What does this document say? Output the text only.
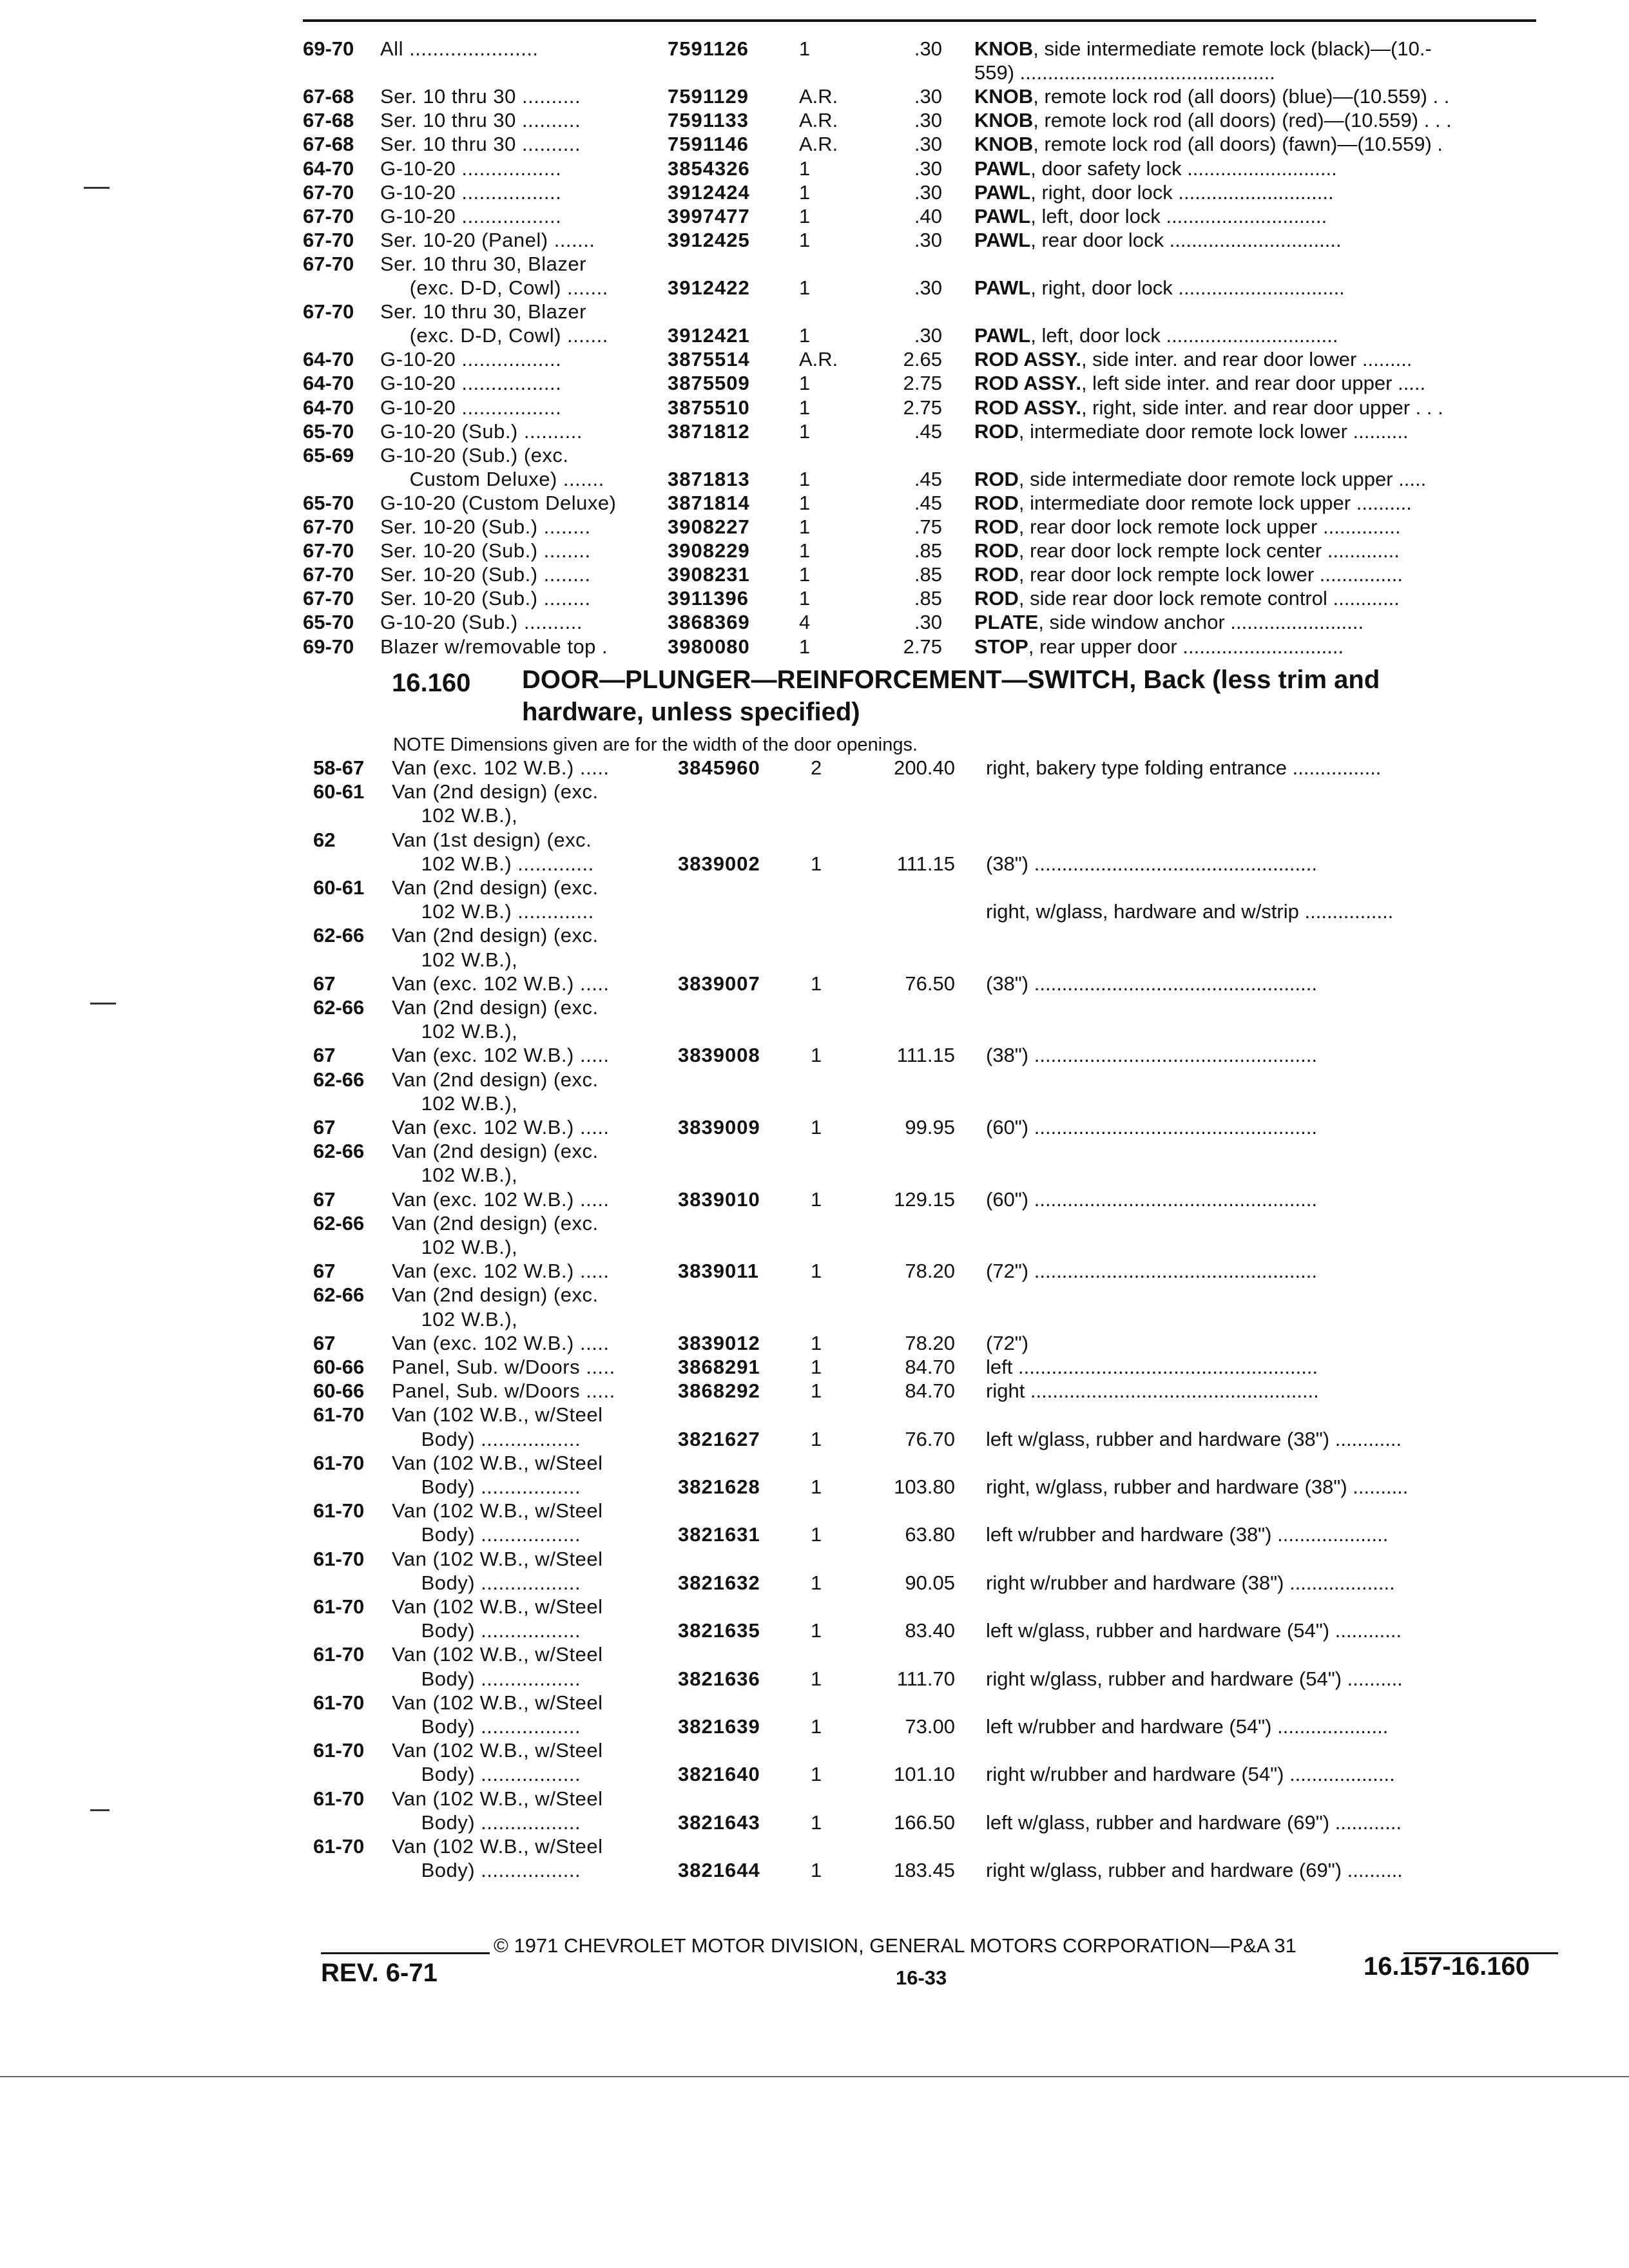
69-70 All ......................	7591126	1	.30 KNOB, side intermediate remote lock (black)—(10.-
559) ..............................................
67-68 Ser. 10 thru 30 ..........	7591129	A.R.	.30 KNOB, remote lock rod (all doors) (blue)—(10.559) . .
67-68 Ser. 10 thru 30 ..........	7591133	A.R.	.30 KNOB, remote lock rod (all doors) (red)—(10.559) . . .
67-68 Ser. 10 thru 30 ..........	7591146	A.R.	.30 KNOB, remote lock rod (all doors) (fawn)—(10.559) .
64-70 G-10-20 .................	3854326 1	.30 PAWL, door safety lock ...........................
67-70 G-10-20 .................	3912424 1	.30 PAWL, right, door lock ............................
67-70 G-10-20 .................	3997477 1	.40 PAWL, left, door lock .............................
67-70 Ser. 10-20 (Panel) .......	3912425 1	.30 PAWL, rear door lock ...............................
67-70 Ser. 10 thru 30, Blazer
(exc. D-D, Cowl) .......	3912422 1	.30 PAWL, right, door lock ..............................
67-70 Ser. 10 thru 30, Blazer
(exc. D-D, Cowl) .......	3912421 1	.30 PAWL, left, door lock ...............................
64-70 G-10-20 .................	3875514 A.R.	2.65 ROD ASSY., side inter. and rear door lower .........
64-70 G-10-20 .................	3875509 1	2.75 ROD ASSY., left side inter. and rear door upper .....
64-70 G-10-20 .................	3875510 1	2.75 ROD ASSY., right, side inter. and rear door upper . . .
65-70 G-10-20 (Sub.) ..........	3871812 1	.45 ROD, intermediate door remote lock lower ..........
65-69 G-10-20 (Sub.) (exc.
Custom Deluxe) .......	3871813 1	.45 ROD, side intermediate door remote lock upper .....
65-70 G-10-20 (Custom Deluxe)	3871814 1	.45 ROD, intermediate door remote lock upper ..........
67-70 Ser. 10-20 (Sub.) ........	3908227 1	.75 ROD, rear door lock remote lock upper ..............
67-70 Ser. 10-20 (Sub.) ........	3908229 1	.85 ROD, rear door lock rempte lock center .............
67-70 Ser. 10-20 (Sub.) ........	3908231 1	.85 ROD, rear door lock rempte lock lower ...............
67-70 Ser. 10-20 (Sub.) ........	3911396	1	.85 ROD, side rear door lock remote control ............
65-70 G-10-20 (Sub.) ..........	3868369 4	.30 PLATE, side window anchor ........................
69-70 Blazer w/removable top .	3980080 1	2.75 STOP, rear upper door .............................
16.160 DOOR—PLUNGER—REINFORCEMENT—SWITCH, Back (less trim and
hardware, unless specified)
NOTE Dimensions given are for the width of the door openings.
58-67 Van (exc. 102 W.B.) .....	3845960	2	200.40 right, bakery type folding entrance ................
60-61 Van (2nd design) (exc.
102 W.B.),
62	Van (1st design) (exc.
102 W.B.) .............	3839002	1	111.15 (38") ...................................................
60-61 Van (2nd design) (exc.
102 W.B.) .............	right, w/glass, hardware and w/strip ................
62-66 Van (2nd design) (exc.
102 W.B.),
67	Van (exc. 102 W.B.) .....	3839007	1	76.50 (38") ...................................................
62-66 Van (2nd design) (exc.
102 W.B.),
67	Van (exc. 102 W.B.) .....	3839008	1	111.15 (38") ...................................................
62-66 Van (2nd design) (exc.
102 W.B.),
67	Van (exc. 102 W.B.) .....	3839009	1	99.95 (60") ...................................................
62-66 Van (2nd design) (exc.
102 W.B.),
67	Van (exc. 102 W.B.) .....	3839010	1	129.15 (60") ...................................................
62-66 Van (2nd design) (exc.
102 W.B.),
67	Van (exc. 102 W.B.) .....	3839011	1	78.20 (72") ...................................................
62-66 Van (2nd design) (exc.
102 W.B.),
67	Van (exc. 102 W.B.) .....	3839012	1	78.20 (72")
60-66 Panel, Sub. w/Doors .....	3868291	1	84.70 left ......................................................
60-66 Panel, Sub. w/Doors .....	3868292	1	84.70 right ....................................................
61-70 Van (102 W.B., w/Steel
Body) .................	3821627	1	76.70 left w/glass, rubber and hardware (38") ............
61-70 Van (102 W.B., w/Steel
Body) .................	3821628	1	103.80 right, w/glass, rubber and hardware (38") ..........
61-70 Van (102 W.B., w/Steel
Body) .................	3821631	1	63.80 left w/rubber and hardware (38") ....................
61-70 Van (102 W.B., w/Steel
Body) .................	3821632	1	90.05 right w/rubber and hardware (38") ...................
61-70 Van (102 W.B., w/Steel
Body) .................	3821635	1	83.40 left w/glass, rubber and hardware (54") ............
61-70 Van (102 W.B., w/Steel
Body) .................	3821636	1	111.70 right w/glass, rubber and hardware (54") ..........
61-70 Van (102 W.B., w/Steel
Body) .................	3821639	1	73.00 left w/rubber and hardware (54") ....................
61-70 Van (102 W.B., w/Steel
Body) .................	3821640	1	101.10 right w/rubber and hardware (54") ...................
61-70 Van (102 W.B., w/Steel
Body) .................	3821643	1	166.50 left w/glass, rubber and hardware (69") ............
61-70 Van (102 W.B., w/Steel
Body) .................	3821644	1	183.45 right w/glass, rubber and hardware (69") ..........
© 1971 CHEVROLET MOTOR DIVISION, GENERAL MOTORS CORPORATION—P&A 31
REV. 6-71	16-33	16.157-16.160
